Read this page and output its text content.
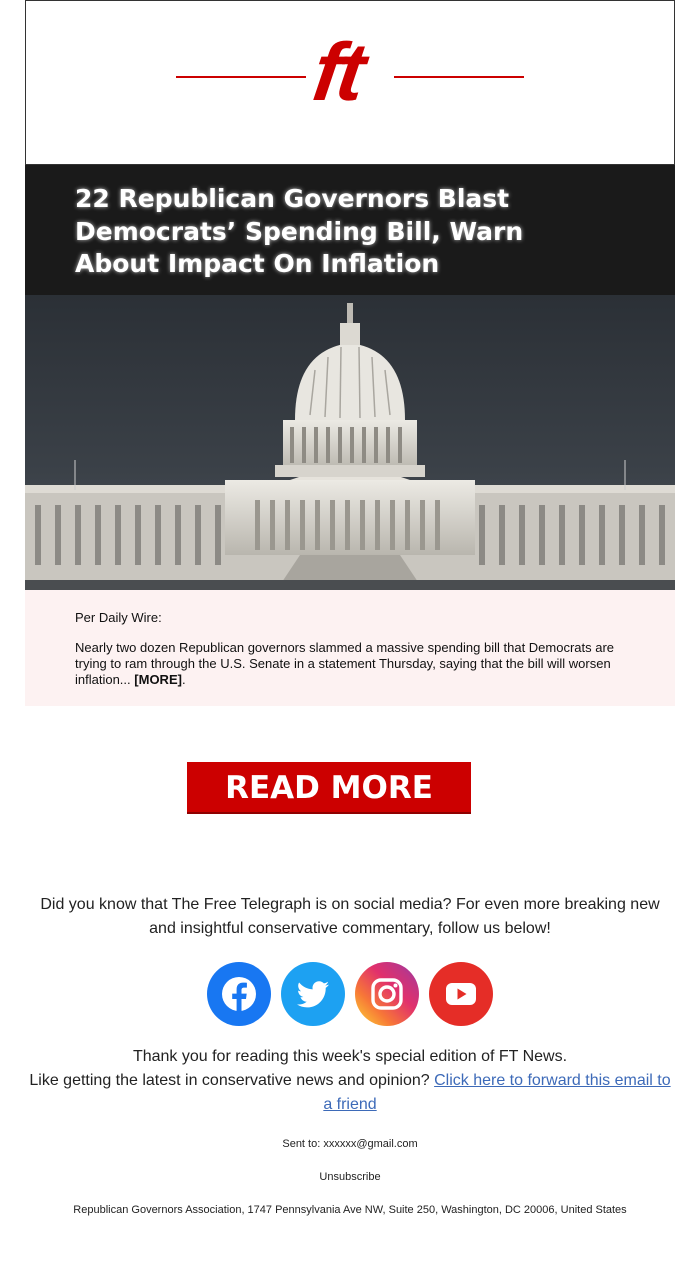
ft
22 Republican Governors Blast Democrats’ Spending Bill, Warn About Impact On Inflation

Per Daily Wire:

Nearly two dozen Republican governors slammed a massive spending bill that Democrats are trying to ram through the U.S. Senate in a statement Thursday, saying that the bill will worsen inflation... [MORE].

READ MORE

Did you know that The Free Telegraph is on social media? For even more breaking new and insightful conservative commentary, follow us below!

Thank you for reading this week's special edition of FT News.
Like getting the latest in conservative news and opinion? Click here to forward this email to a friend

Sent to: xxxxxx@gmail.com

Unsubscribe

Republican Governors Association, 1747 Pennsylvania Ave NW, Suite 250, Washington, DC 20006, United States
